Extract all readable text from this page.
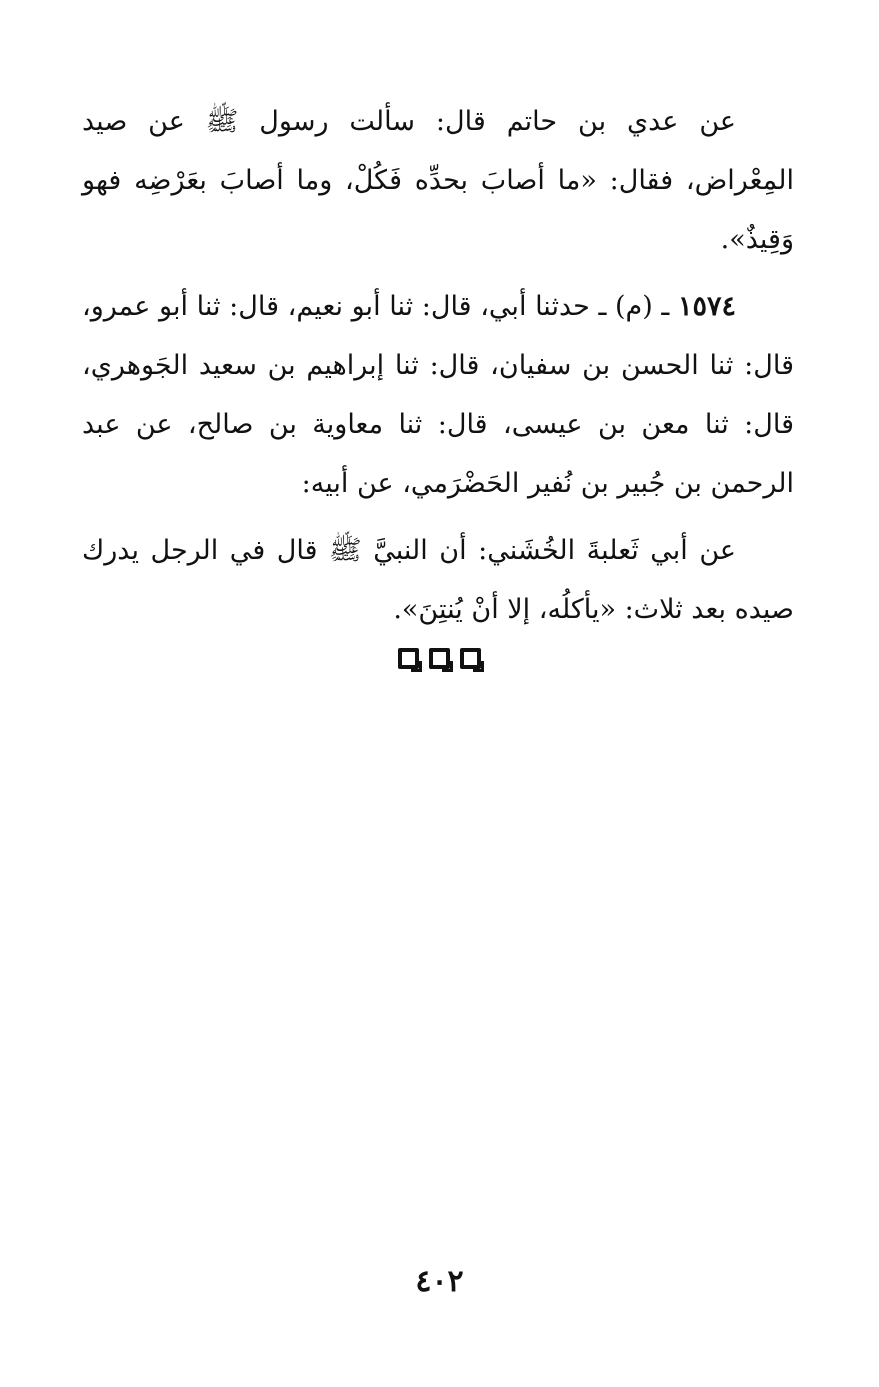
عن عدي بن حاتم قال: سألت رسول ﷺ عن صيد المِعْراض، فقال: «ما أصابَ بحدِّه فَكُلْ، وما أصابَ بعَرْضِه فهو وَقِيذٌ».

١٥٧٤ ـ (م) ـ حدثنا أبي، قال: ثنا أبو نعيم، قال: ثنا أبو عمرو، قال: ثنا الحسن بن سفيان، قال: ثنا إبراهيم بن سعيد الجَوهري، قال: ثنا معن بن عيسى، قال: ثنا معاوية بن صالح، عن عبد الرحمن بن جُبير بن نُفير الحَضْرَمي، عن أبيه:

عن أبي ثَعلبةَ الخُشَني: أن النبيَّ ﷺ قال في الرجل يدرك صيده بعد ثلاث: «يأكلُه، إلا أنْ يُنتِنَ».

٤٠٢
